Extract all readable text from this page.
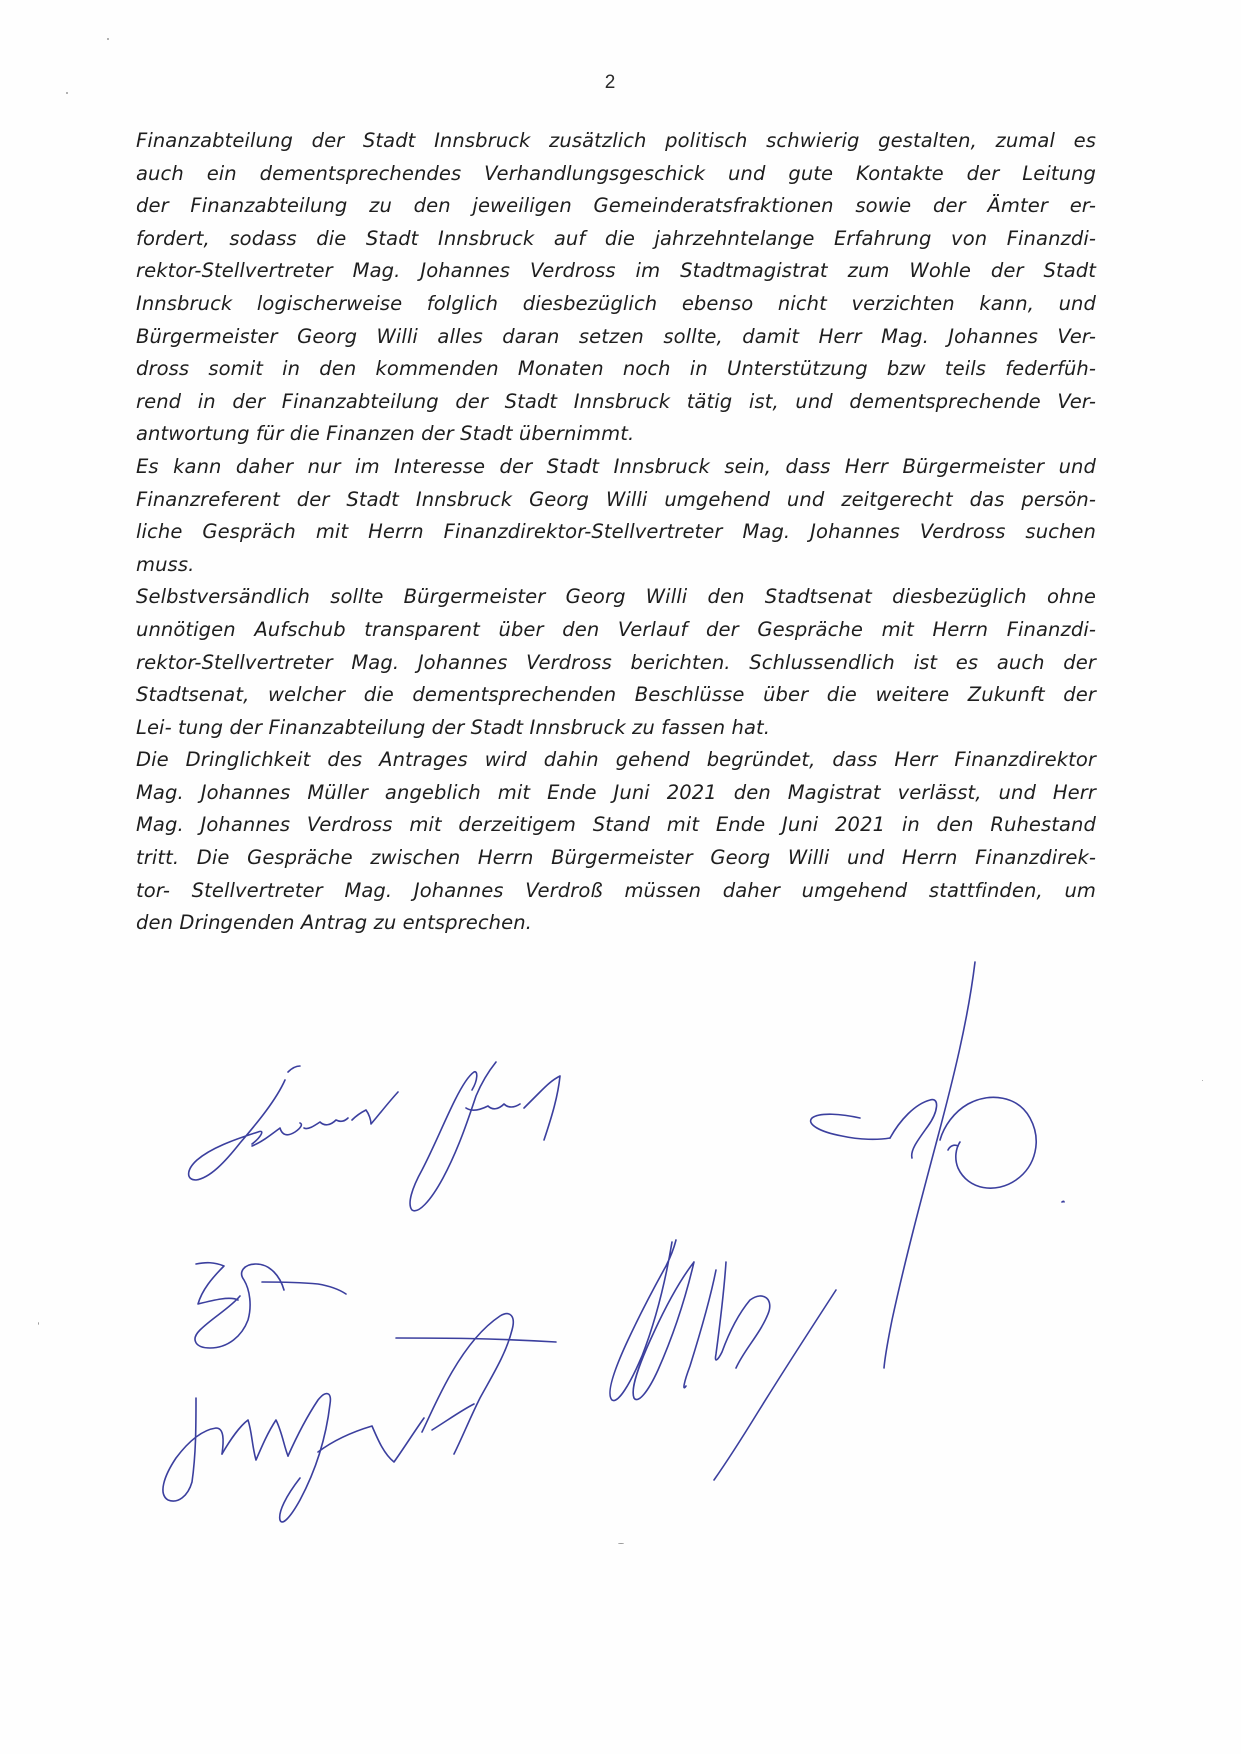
2
Finanzabteilung der Stadt Innsbruck zusätzlich politisch schwierig gestalten, zumal es
auch ein dementsprechendes Verhandlungsgeschick und gute Kontakte der Leitung
der Finanzabteilung zu den jeweiligen Gemeinderatsfraktionen sowie der Ämter er-
fordert, sodass die Stadt Innsbruck auf die jahrzehntelange Erfahrung von Finanzdi-
rektor-Stellvertreter Mag. Johannes Verdross im Stadtmagistrat zum Wohle der Stadt
Innsbruck logischerweise folglich diesbezüglich ebenso nicht verzichten kann, und
Bürgermeister Georg Willi alles daran setzen sollte, damit Herr Mag. Johannes Ver-
dross somit in den kommenden Monaten noch in Unterstützung bzw teils federfüh-
rend in der Finanzabteilung der Stadt Innsbruck tätig ist, und dementsprechende Ver-
antwortung für die Finanzen der Stadt übernimmt.
Es kann daher nur im Interesse der Stadt Innsbruck sein, dass Herr Bürgermeister und
Finanzreferent der Stadt Innsbruck Georg Willi umgehend und zeitgerecht das persön-
liche Gespräch mit Herrn Finanzdirektor-Stellvertreter Mag. Johannes Verdross suchen
muss.
Selbstversändlich sollte Bürgermeister Georg Willi den Stadtsenat diesbezüglich ohne
unnötigen Aufschub transparent über den Verlauf der Gespräche mit Herrn Finanzdi-
rektor-Stellvertreter Mag. Johannes Verdross berichten. Schlussendlich ist es auch der
Stadtsenat, welcher die dementsprechenden Beschlüsse über die weitere Zukunft der
Lei- tung der Finanzabteilung der Stadt Innsbruck zu fassen hat.
Die Dringlichkeit des Antrages wird dahin gehend begründet, dass Herr Finanzdirektor
Mag. Johannes Müller angeblich mit Ende Juni 2021 den Magistrat verlässt, und Herr
Mag. Johannes Verdross mit derzeitigem Stand mit Ende Juni 2021 in den Ruhestand
tritt. Die Gespräche zwischen Herrn Bürgermeister Georg Willi und Herrn Finanzdirek-
tor- Stellvertreter Mag. Johannes Verdroß müssen daher umgehend stattfinden, um
den Dringenden Antrag zu entsprechen.
